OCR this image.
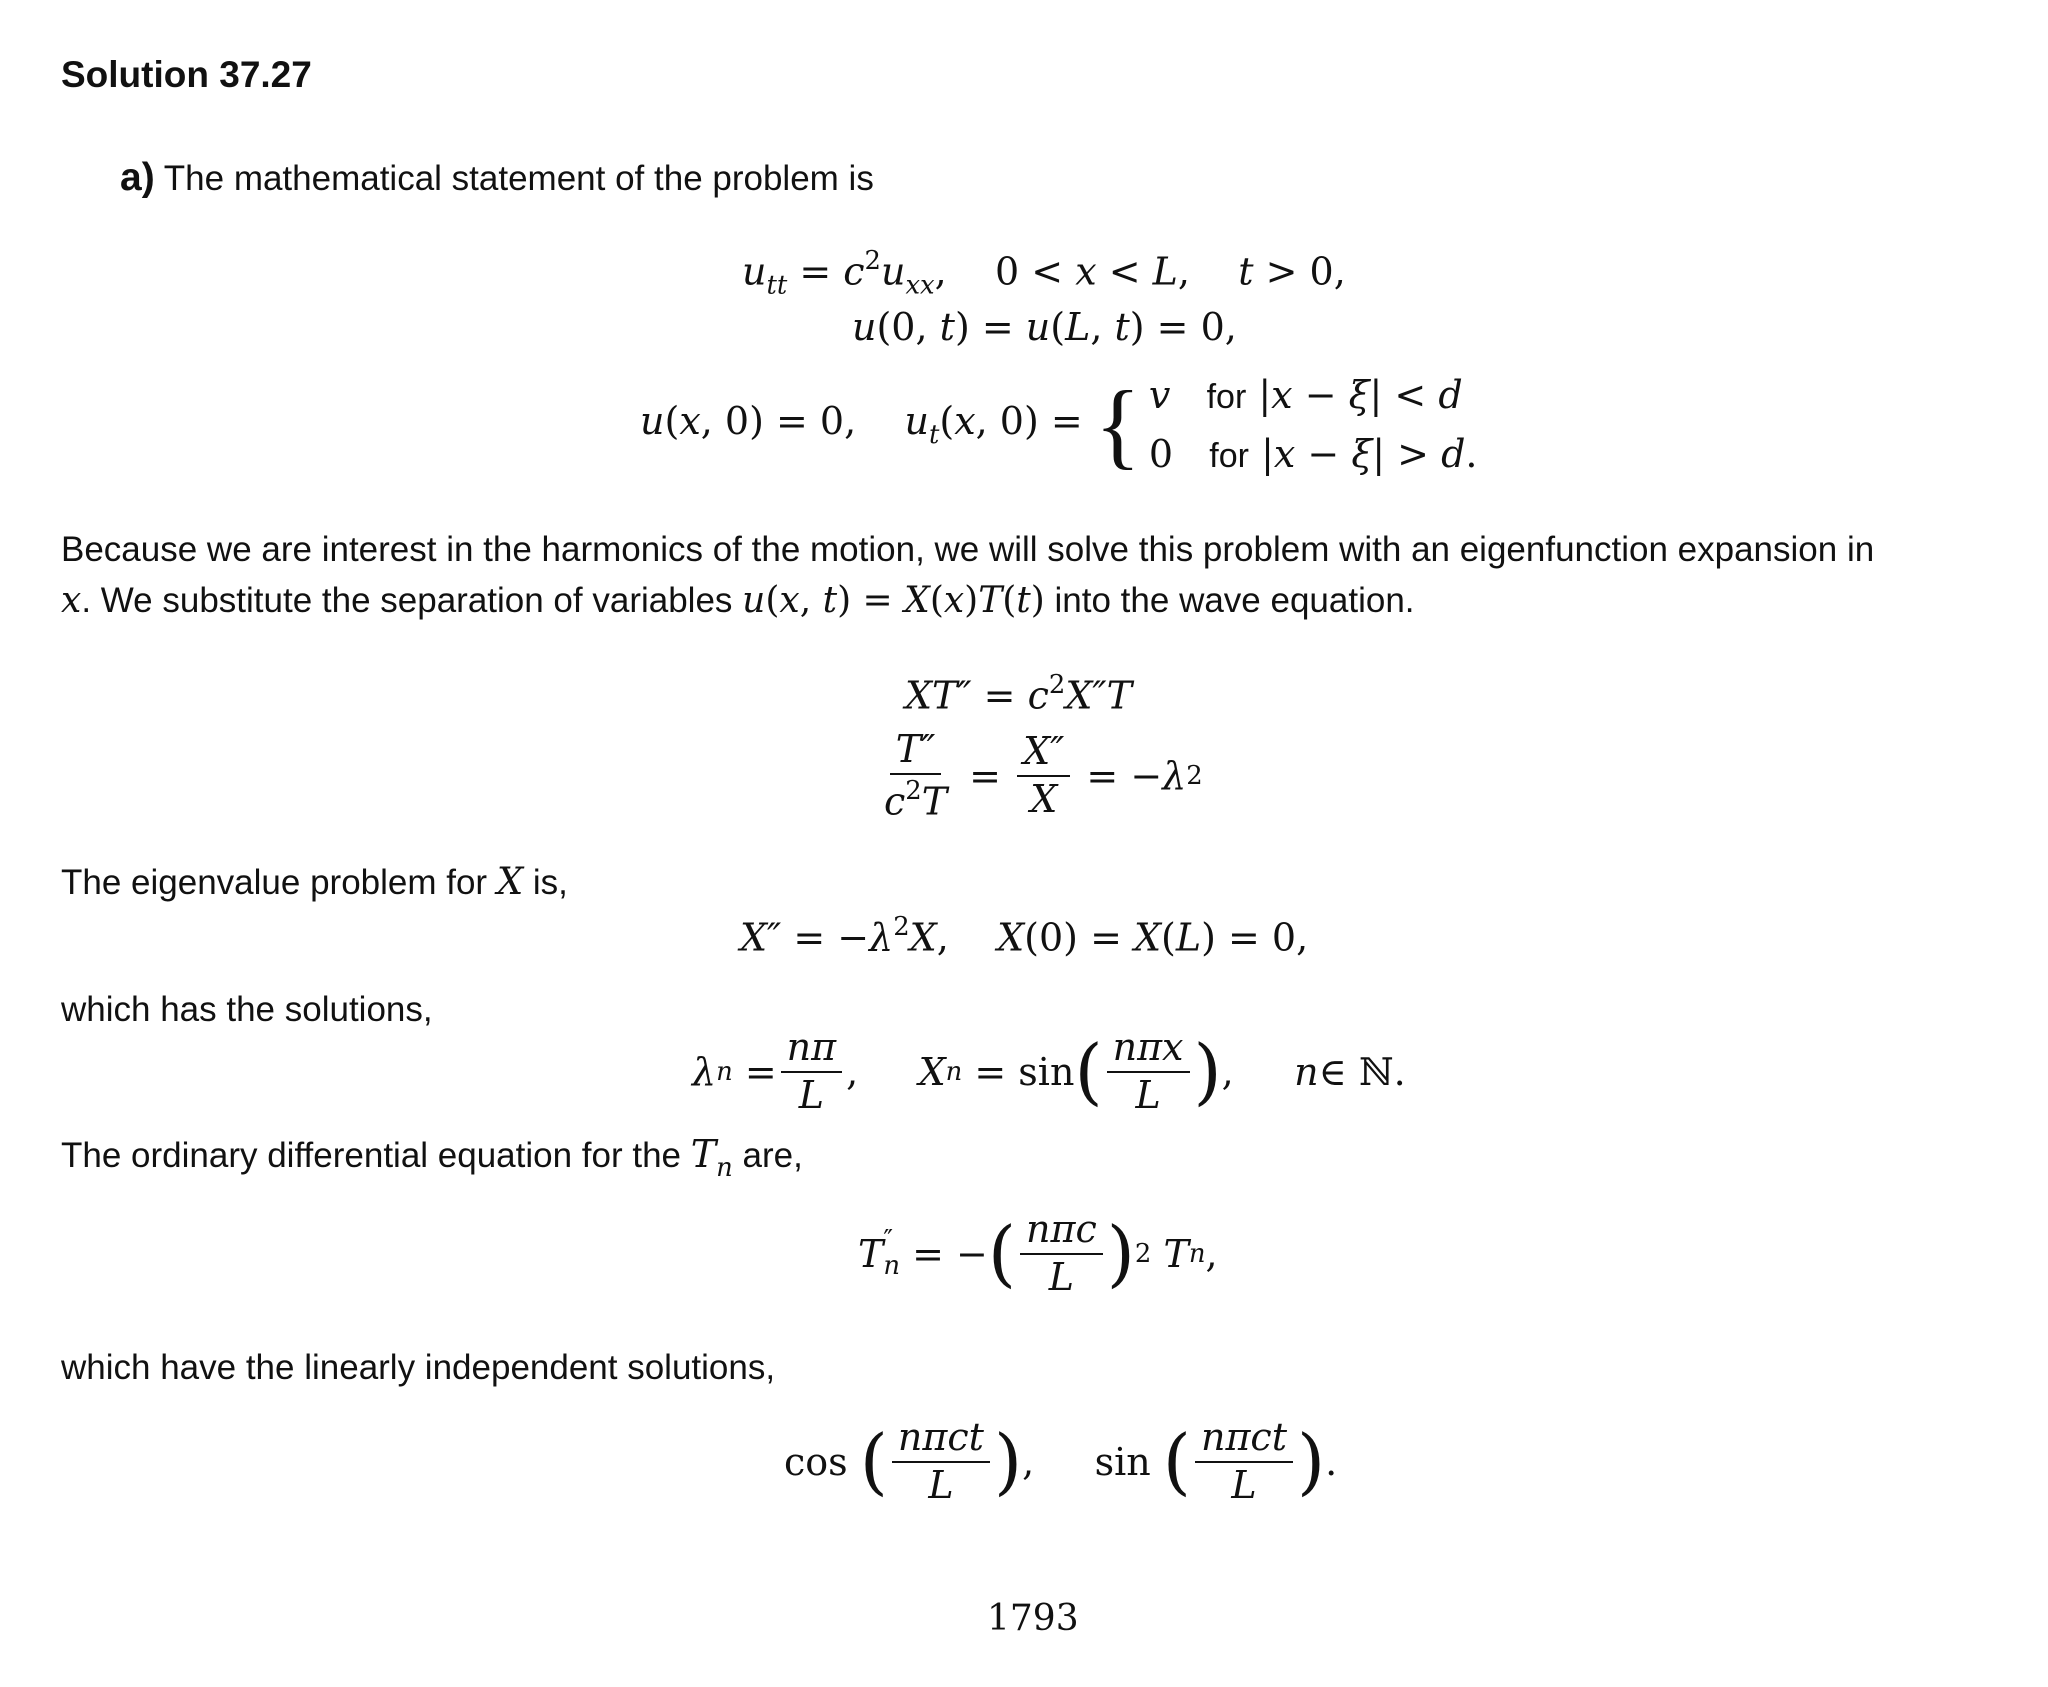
Solution 37.27
a) The mathematical statement of the problem is
$u_{tt} = c^2u_{xx}$,    0 < x < L,    t > 0,
u(0, t) = u(L, t) = 0,
u(x, 0) = 0,    $u_t(x$, 0) = { v for |x − ξ| < d
0   for |x − ξ| > d.
Because we are interest in the harmonics of the motion, we will solve this problem with an eigenfunction expansion in
x. We substitute the separation of variables u(x, t) = X(x)T(t) into the wave equation.
$XT'' = c^2X''T$
$\frac{T''}{c^2T} = \frac{X''}{X}$ = − λ 2
The eigenvalue problem for X is,
$X'' = -\lambda^2X$,    X(0) = X(L) = 0,
which has the solutions,
λ $n = \frac{n\pi}{L}$ , X n = sin ( $\frac{\text{nπx}}{L}$ ) , n ∈ ℕ.
The ordinary differential equation for the $T_n$ are,
T ″
n = − ( $\frac{\text{nπc}}{L}$ ) 2
T n ,
which have the linearly independent solutions,
cos ( $\frac{\text{nπct}}{L}$ ) ,     sin ( $\frac{\text{nπct}}{L}$ ) .
1793
